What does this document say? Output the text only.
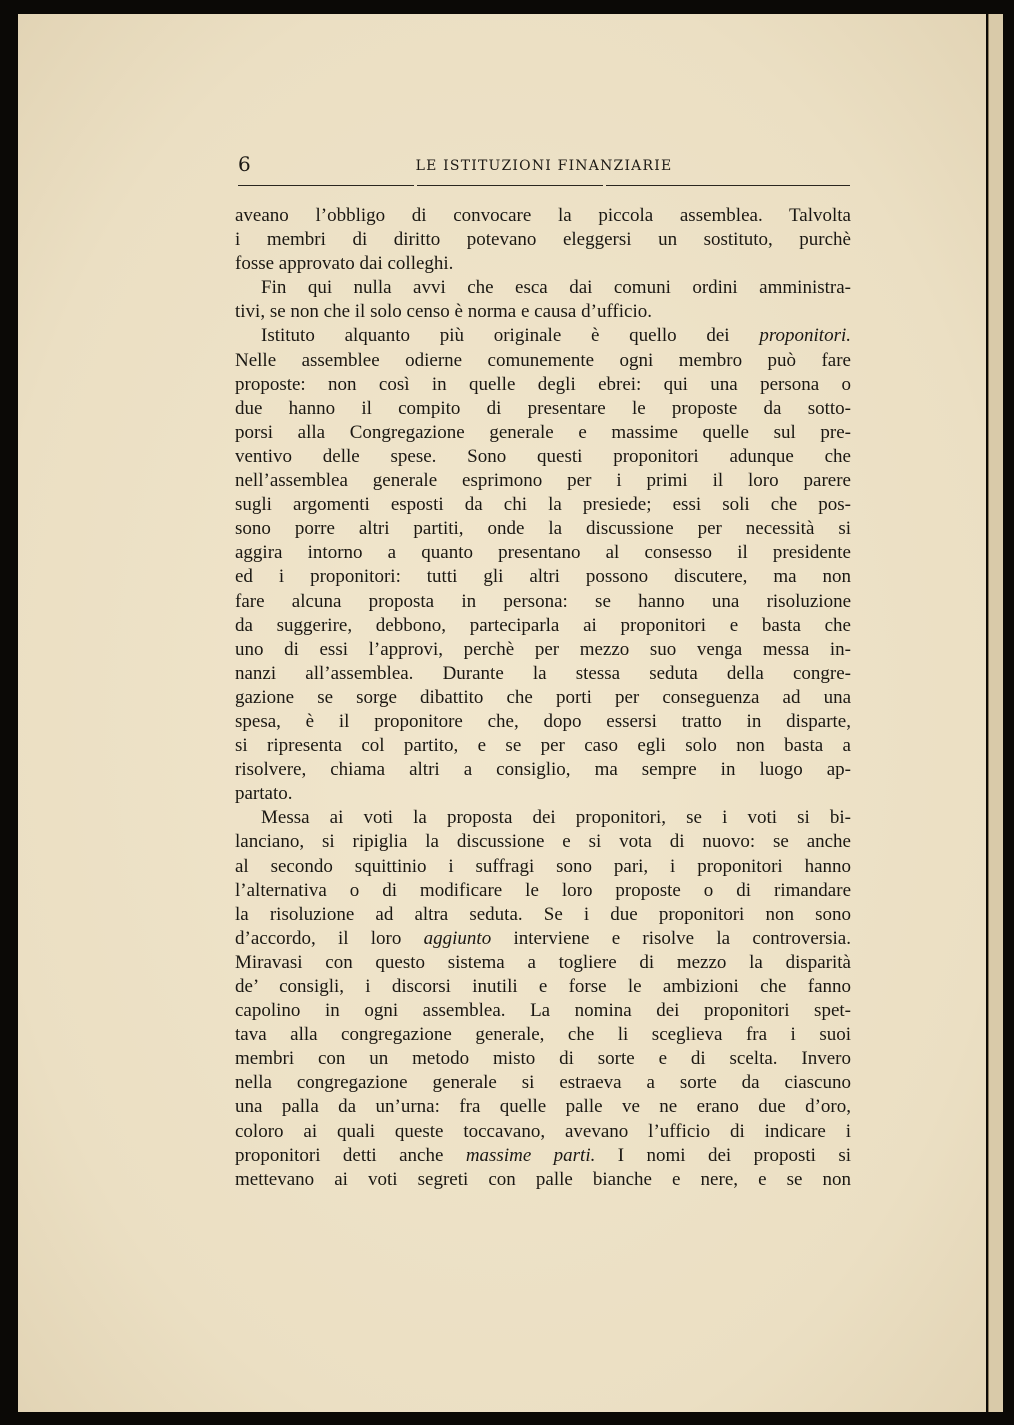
6	LE ISTITUZIONI FINANZIARIE
aveano l’obbligo di convocare la piccola assemblea. Talvolta
i membri di diritto potevano eleggersi un sostituto, purchè
fosse approvato dai colleghi.
Fin qui nulla avvi che esca dai comuni ordini amministra-
tivi, se non che il solo censo è norma e causa d’ufficio.
Istituto alquanto più originale è quello dei proponitori.
Nelle assemblee odierne comunemente ogni membro può fare
proposte: non così in quelle degli ebrei: qui una persona o
due hanno il compito di presentare le proposte da sotto-
porsi alla Congregazione generale e massime quelle sul pre-
ventivo delle spese. Sono questi proponitori adunque che
nell’assemblea generale esprimono per i primi il loro parere
sugli argomenti esposti da chi la presiede; essi soli che pos-
sono porre altri partiti, onde la discussione per necessità si
aggira intorno a quanto presentano al consesso il presidente
ed i proponitori: tutti gli altri possono discutere, ma non
fare alcuna proposta in persona: se hanno una risoluzione
da suggerire, debbono, parteciparla ai proponitori e basta che
uno di essi l’approvi, perchè per mezzo suo venga messa in-
nanzi all’assemblea. Durante la stessa seduta della congre-
gazione se sorge dibattito che porti per conseguenza ad una
spesa, è il proponitore che, dopo essersi tratto in disparte,
si ripresenta col partito, e se per caso egli solo non basta a
risolvere, chiama altri a consiglio, ma sempre in luogo ap-
partato.
Messa ai voti la proposta dei proponitori, se i voti si bi-
lanciano, si ripiglia la discussione e si vota di nuovo: se anche
al secondo squittinio i suffragi sono pari, i proponitori hanno
l’alternativa o di modificare le loro proposte o di rimandare
la risoluzione ad altra seduta. Se i due proponitori non sono
d’accordo, il loro aggiunto interviene e risolve la controversia.
Miravasi con questo sistema a togliere di mezzo la disparità
de’ consigli, i discorsi inutili e forse le ambizioni che fanno
capolino in ogni assemblea. La nomina dei proponitori spet-
tava alla congregazione generale, che li sceglieva fra i suoi
membri con un metodo misto di sorte e di scelta. Invero
nella congregazione generale si estraeva a sorte da ciascuno
una palla da un’urna: fra quelle palle ve ne erano due d’oro,
coloro ai quali queste toccavano, avevano l’ufficio di indicare i
proponitori detti anche massime parti. I nomi dei proposti si
mettevano ai voti segreti con palle bianche e nere, e se non
